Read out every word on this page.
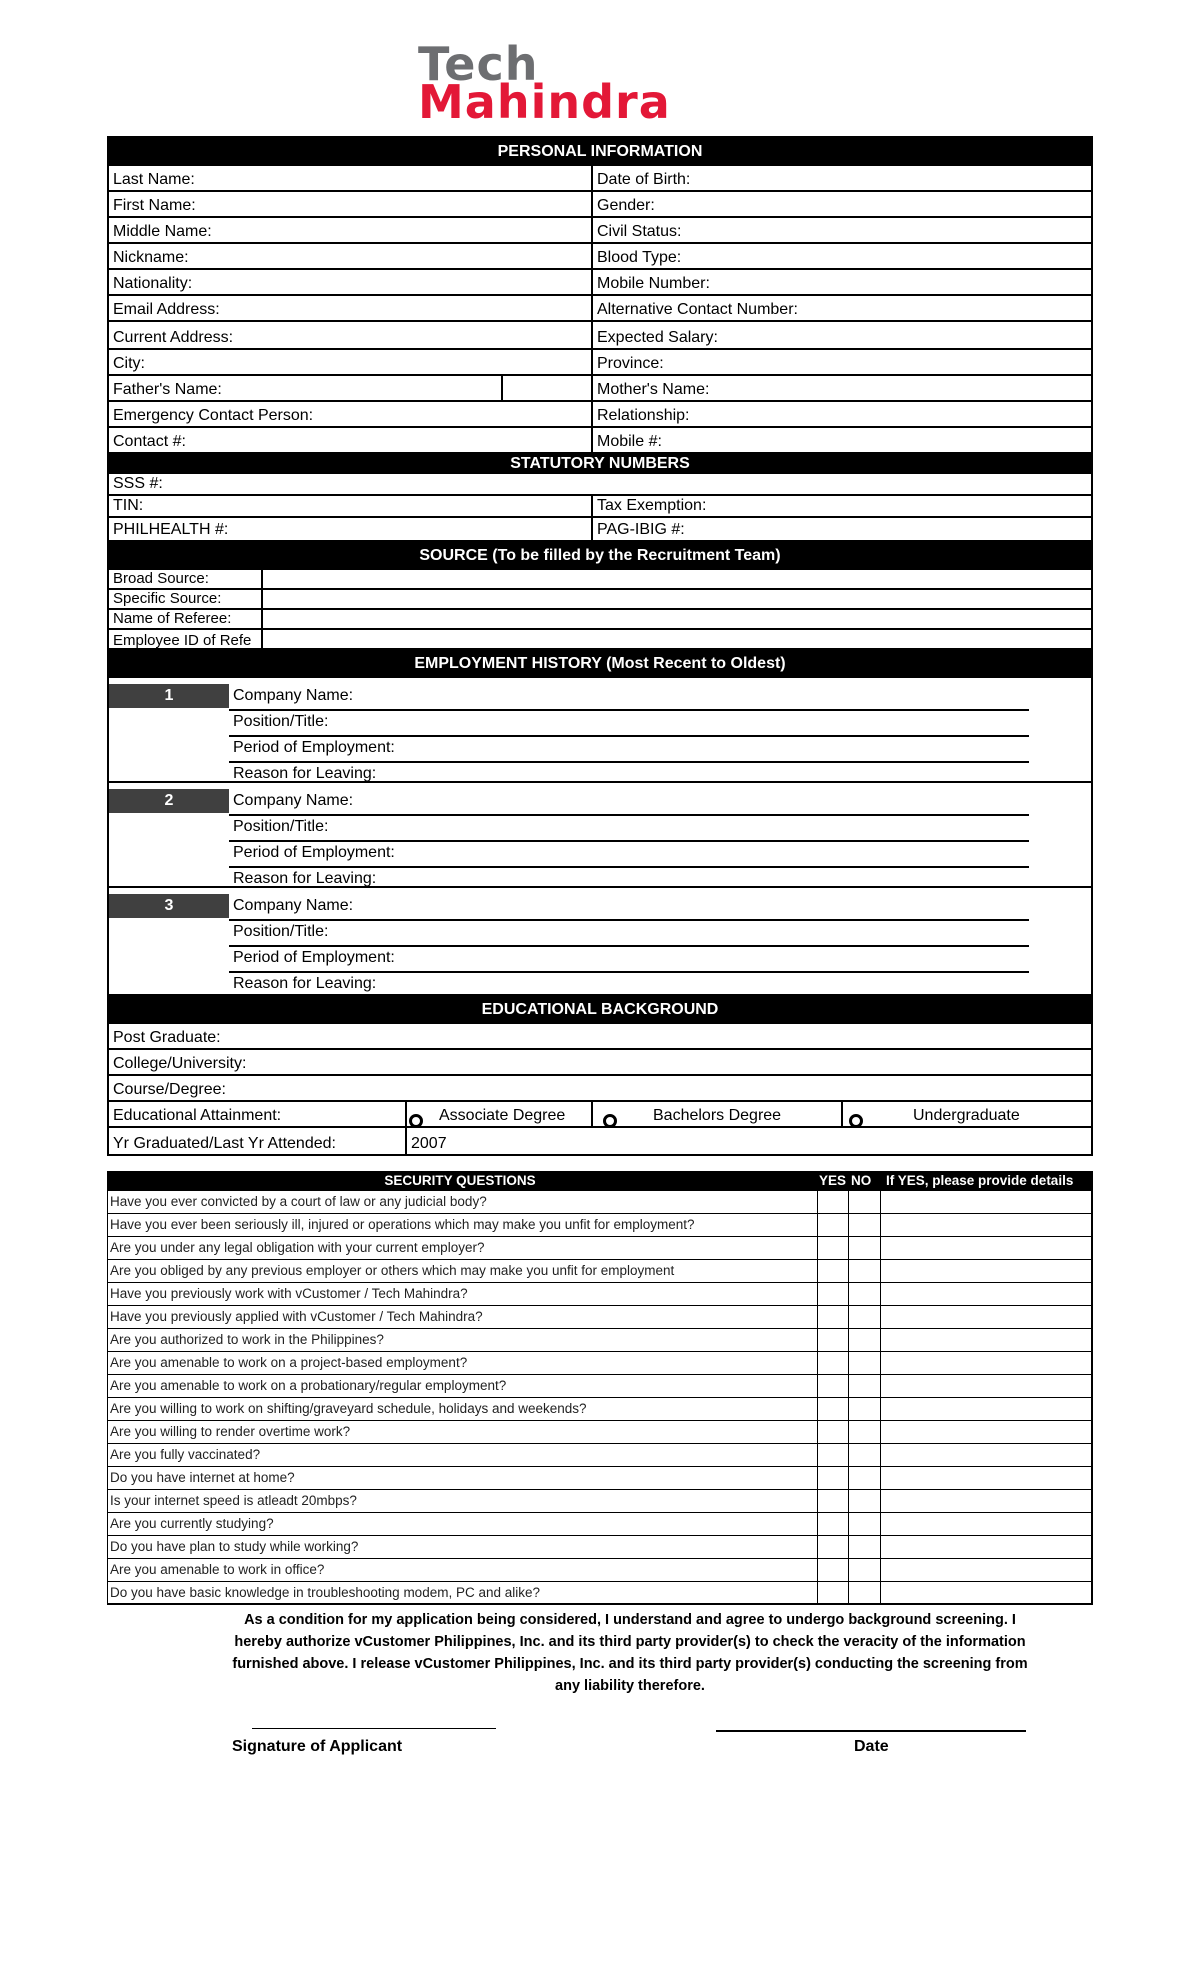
Tech
Mahindra
PERSONAL INFORMATION
Last Name:	Date of Birth:
First Name:	Gender:
Middle Name:	Civil Status:
Nickname:	Blood Type:
Nationality:	Mobile Number:
Email Address:	Alternative Contact Number:
Current Address:	Expected Salary:
City:	Province:
Father's Name:	Mother's Name:
Emergency Contact Person:	Relationship:
Contact #:	Mobile #:
STATUTORY NUMBERS
SSS #:
TIN:	Tax Exemption:
PHILHEALTH #:	PAG-IBIG #:
SOURCE (To be filled by the Recruitment Team)
Broad Source:
Specific Source:
Name of Referee:
Employee ID of Refe
EMPLOYMENT HISTORY (Most Recent to Oldest)
1	Company Name:
Position/Title:
Period of Employment:
Reason for Leaving:
2	Company Name:
Position/Title:
Period of Employment:
Reason for Leaving:
3	Company Name:
Position/Title:
Period of Employment:
Reason for Leaving:
EDUCATIONAL BACKGROUND
Post Graduate:
College/University:
Course/Degree:
Educational Attainment:	Associate Degree	Bachelors Degree	Undergraduate
Yr Graduated/Last Yr Attended:	2007
SECURITY QUESTIONS	YES NO If YES, please provide details
Have you ever convicted by a court of law or any judicial body?
Have you ever been seriously ill, injured or operations which may make you unfit for employment?
Are you under any legal obligation with your current employer?
Are you obliged by any previous employer or others which may make you unfit for employment
Have you previously work with vCustomer / Tech Mahindra?
Have you previously applied with vCustomer / Tech Mahindra?
Are you authorized to work in the Philippines?
Are you amenable to work on a project-based employment?
Are you amenable to work on a probationary/regular employment?
Are you willing to work on shifting/graveyard schedule, holidays and weekends?
Are you willing to render overtime work?
Are you fully vaccinated?
Do you have internet at home?
Is your internet speed is atleadt 20mbps?
Are you currently studying?
Do you have plan to study while working?
Are you amenable to work in office?
Do you have basic knowledge in troubleshooting modem, PC and alike?
As a condition for my application being considered, I understand and agree to undergo background screening. I hereby authorize vCustomer Philippines, Inc. and its third party provider(s) to check the veracity of the information furnished above. I release vCustomer Philippines, Inc. and its third party provider(s) conducting the screening from any liability therefore.
Signature of Applicant	Date
